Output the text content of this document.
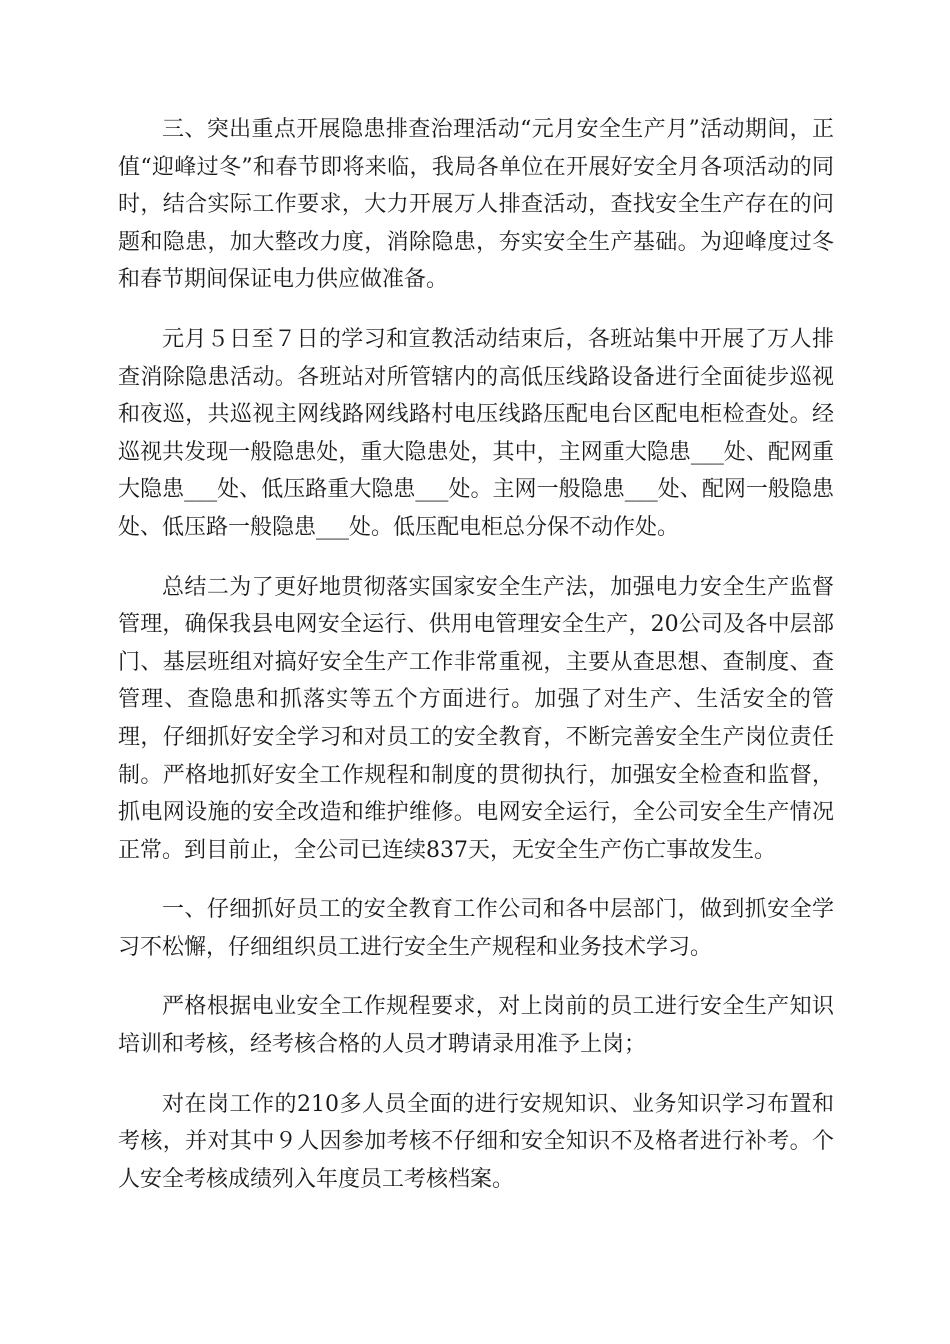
三、突出重点开展隐患排查治理活动“元月安全生产月”活动期间，正值“迎峰过冬”和春节即将来临，我局各单位在开展好安全月各项活动的同时，结合实际工作要求，大力开展万人排查活动，查找安全生产存在的问题和隐患，加大整改力度，消除隐患，夯实安全生产基础。为迎峰度过冬和春节期间保证电力供应做准备。

元月５日至７日的学习和宣教活动结束后，各班站集中开展了万人排查消除隐患活动。各班站对所管辖内的高低压线路设备进行全面徒步巡视和夜巡，共巡视主网线路网线路村电压线路压配电台区配电柜检查处。经巡视共发现一般隐患处，重大隐患处，其中，主网重大隐患___处、配网重大隐患___处、低压路重大隐患___处。主网一般隐患___处、配网一般隐患处、低压路一般隐患___处。低压配电柜总分保不动作处。

总结二为了更好地贯彻落实国家安全生产法，加强电力安全生产监督管理，确保我县电网安全运行、供用电管理安全生产，20公司及各中层部门、基层班组对搞好安全生产工作非常重视，主要从查思想、查制度、查管理、查隐患和抓落实等五个方面进行。加强了对生产、生活安全的管理，仔细抓好安全学习和对员工的安全教育，不断完善安全生产岗位责任制。严格地抓好安全工作规程和制度的贯彻执行，加强安全检查和监督，抓电网设施的安全改造和维护维修。电网安全运行，全公司安全生产情况正常。到目前止，全公司已连续837天，无安全生产伤亡事故发生。

一、仔细抓好员工的安全教育工作公司和各中层部门，做到抓安全学习不松懈，仔细组织员工进行安全生产规程和业务技术学习。

严格根据电业安全工作规程要求，对上岗前的员工进行安全生产知识培训和考核，经考核合格的人员才聘请录用准予上岗；

对在岗工作的210多人员全面的进行安规知识、业务知识学习布置和考核，并对其中９人因参加考核不仔细和安全知识不及格者进行补考。个人安全考核成绩列入年度员工考核档案。
